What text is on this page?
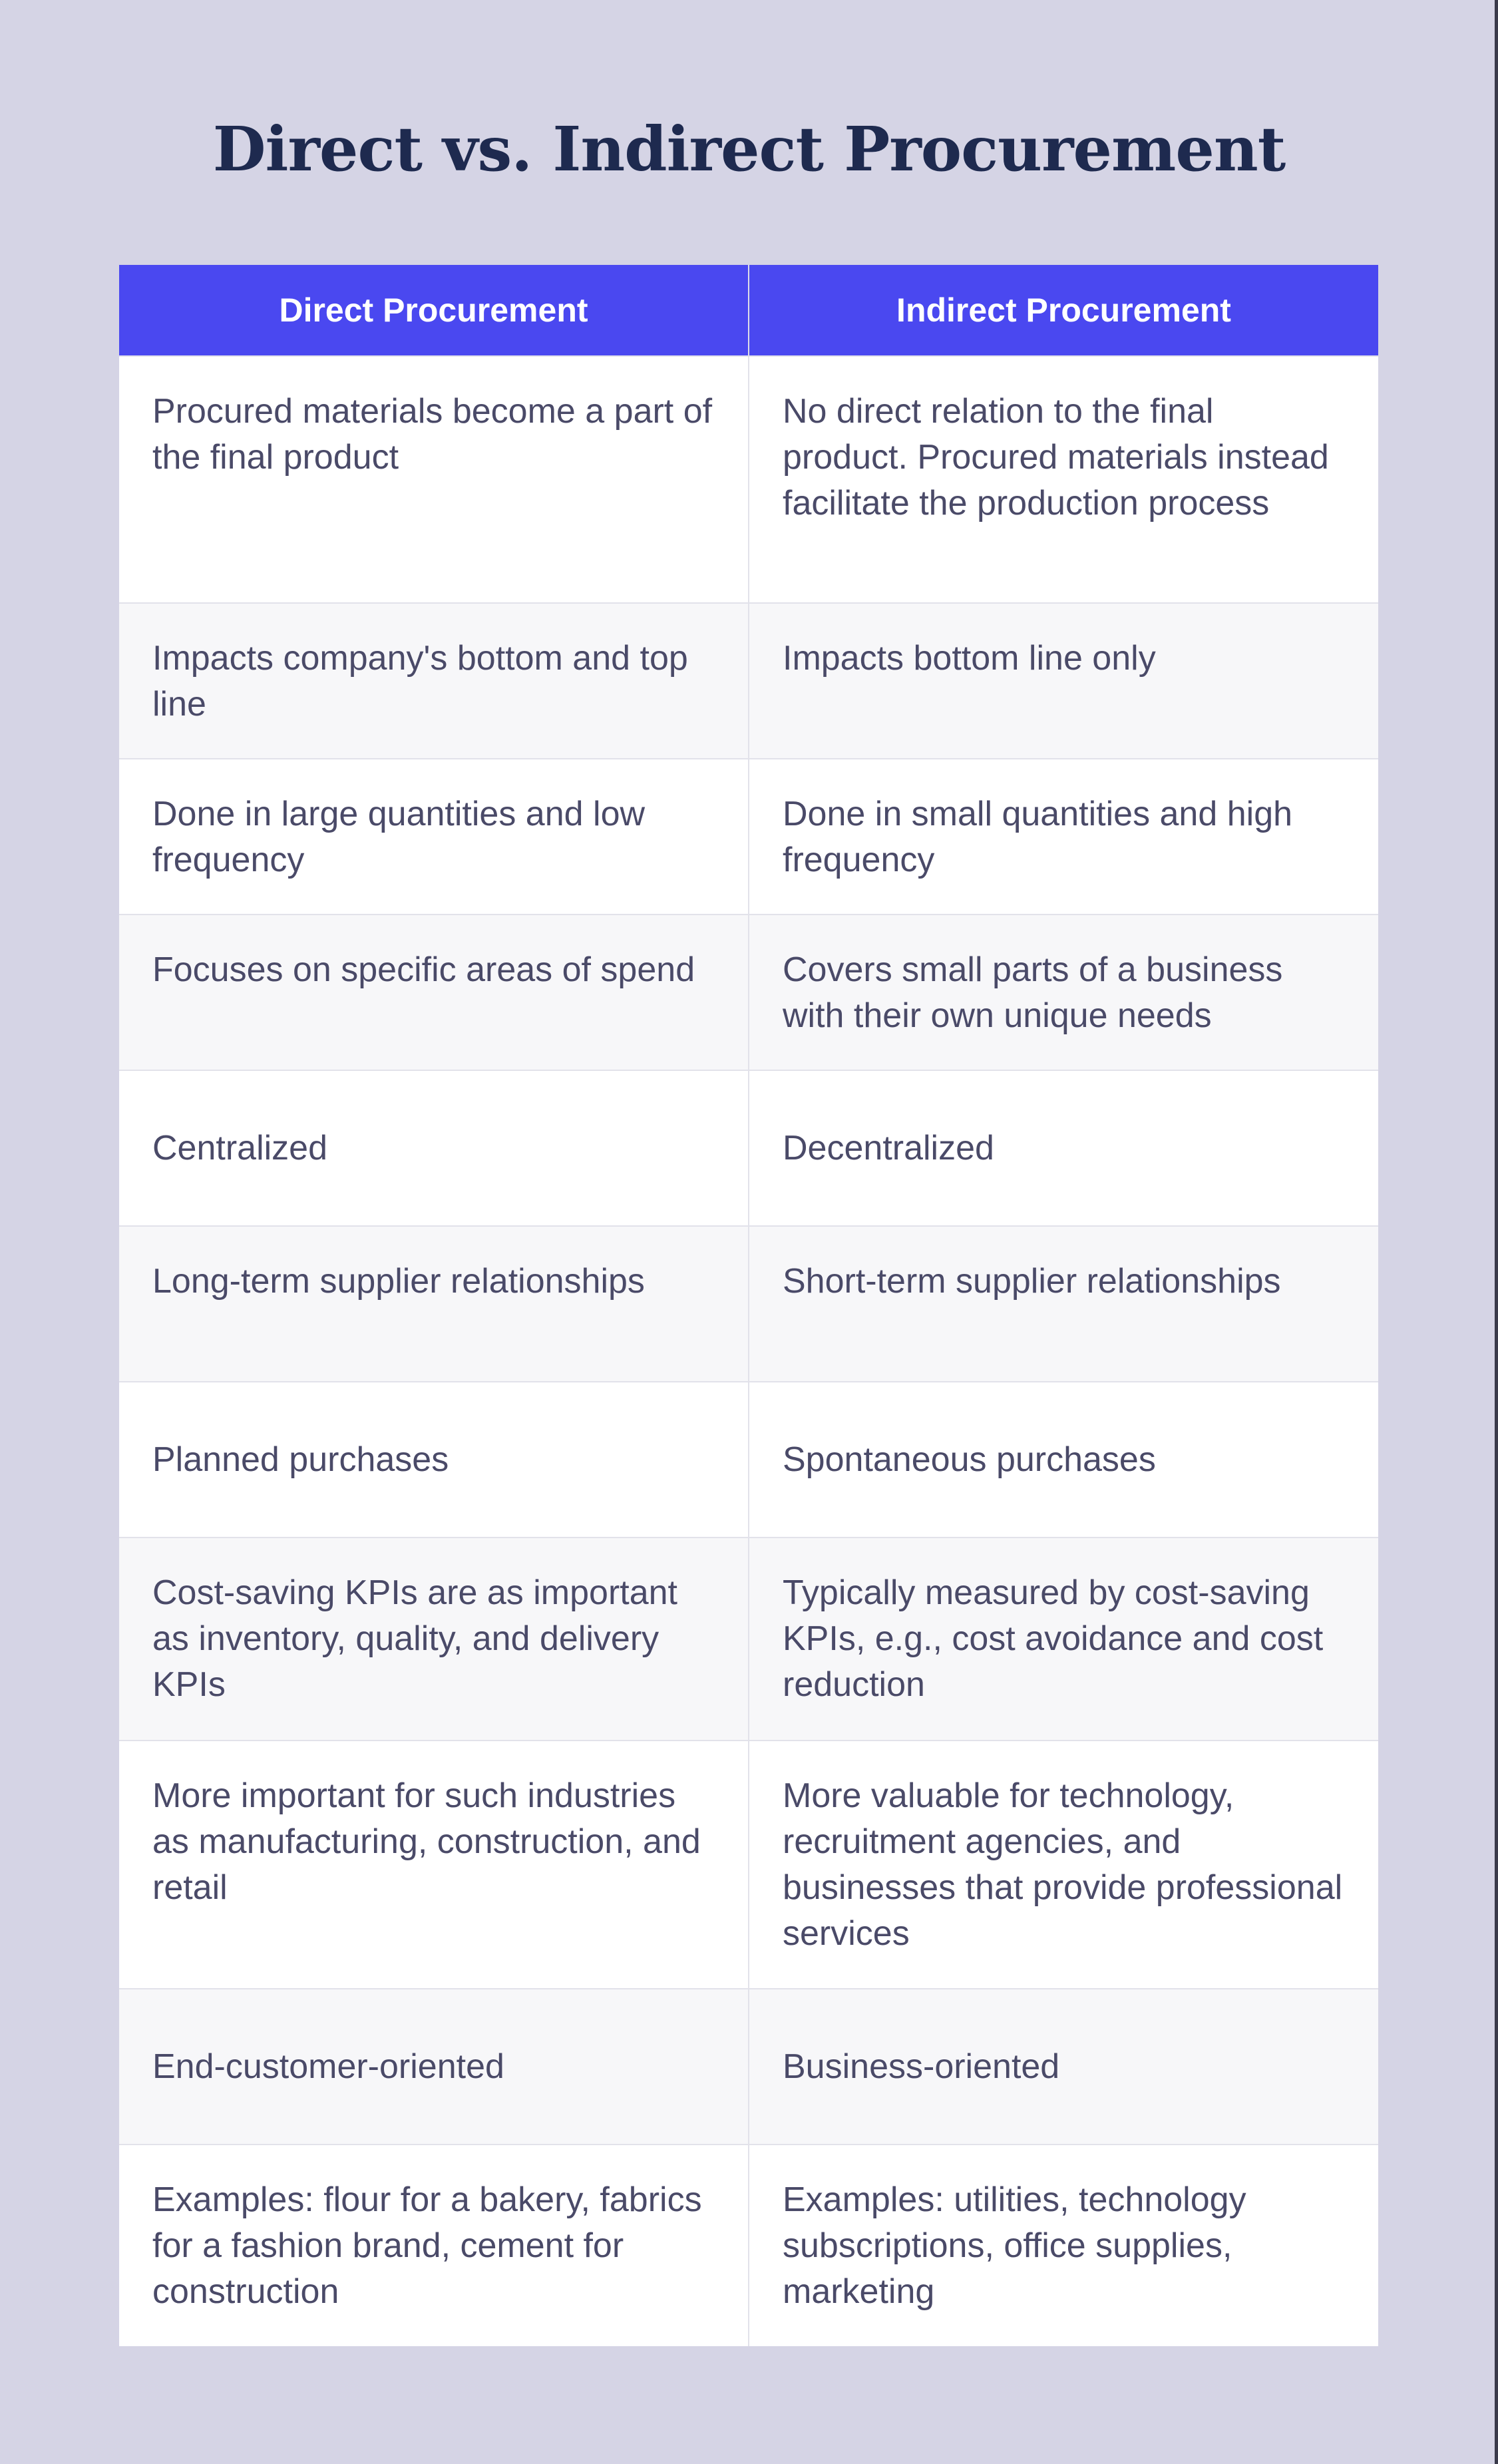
Direct vs. Indirect Procurement
Direct Procurement	Indirect Procurement
Procured materials become a part of the final product	No direct relation to the final product. Procured materials instead facilitate the production process
Impacts company's bottom and top line	Impacts bottom line only
Done in large quantities and low frequency	Done in small quantities and high frequency
Focuses on specific areas of spend	Covers small parts of a business with their own unique needs
Centralized	Decentralized
Long-term supplier relationships	Short-term supplier relationships
Planned purchases	Spontaneous purchases
Cost-saving KPIs are as important as inventory, quality, and delivery KPIs	Typically measured by cost-saving KPIs, e.g., cost avoidance and cost reduction
More important for such industries as manufacturing, construction, and retail	More valuable for technology, recruitment agencies, and businesses that provide professional services
End-customer-oriented	Business-oriented
Examples: flour for a bakery, fabrics for a fashion brand, cement for construction	Examples: utilities, technology subscriptions, office supplies, marketing
